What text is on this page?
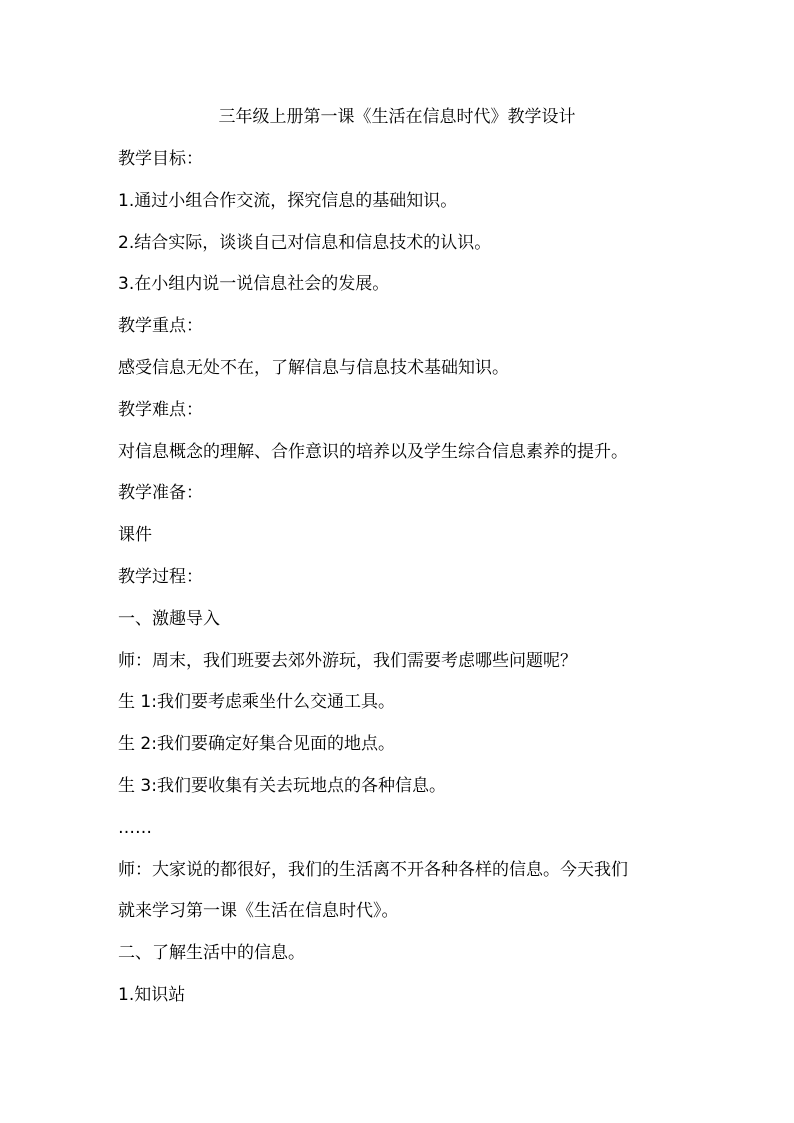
三年级上册第一课《生活在信息时代》教学设计
教学目标：
1.通过小组合作交流，探究信息的基础知识。
2.结合实际，谈谈自己对信息和信息技术的认识。
3.在小组内说一说信息社会的发展。
教学重点：
感受信息无处不在，了解信息与信息技术基础知识。
教学难点：
对信息概念的理解、合作意识的培养以及学生综合信息素养的提升。
教学准备：
课件
教学过程：
一、激趣导入
师：周末，我们班要去郊外游玩，我们需要考虑哪些问题呢？
生 1:我们要考虑乘坐什么交通工具。
生 2:我们要确定好集合见面的地点。
生 3:我们要收集有关去玩地点的各种信息。
……
师：大家说的都很好，我们的生活离不开各种各样的信息。今天我们
就来学习第一课《生活在信息时代》。
二、了解生活中的信息。
1.知识站
